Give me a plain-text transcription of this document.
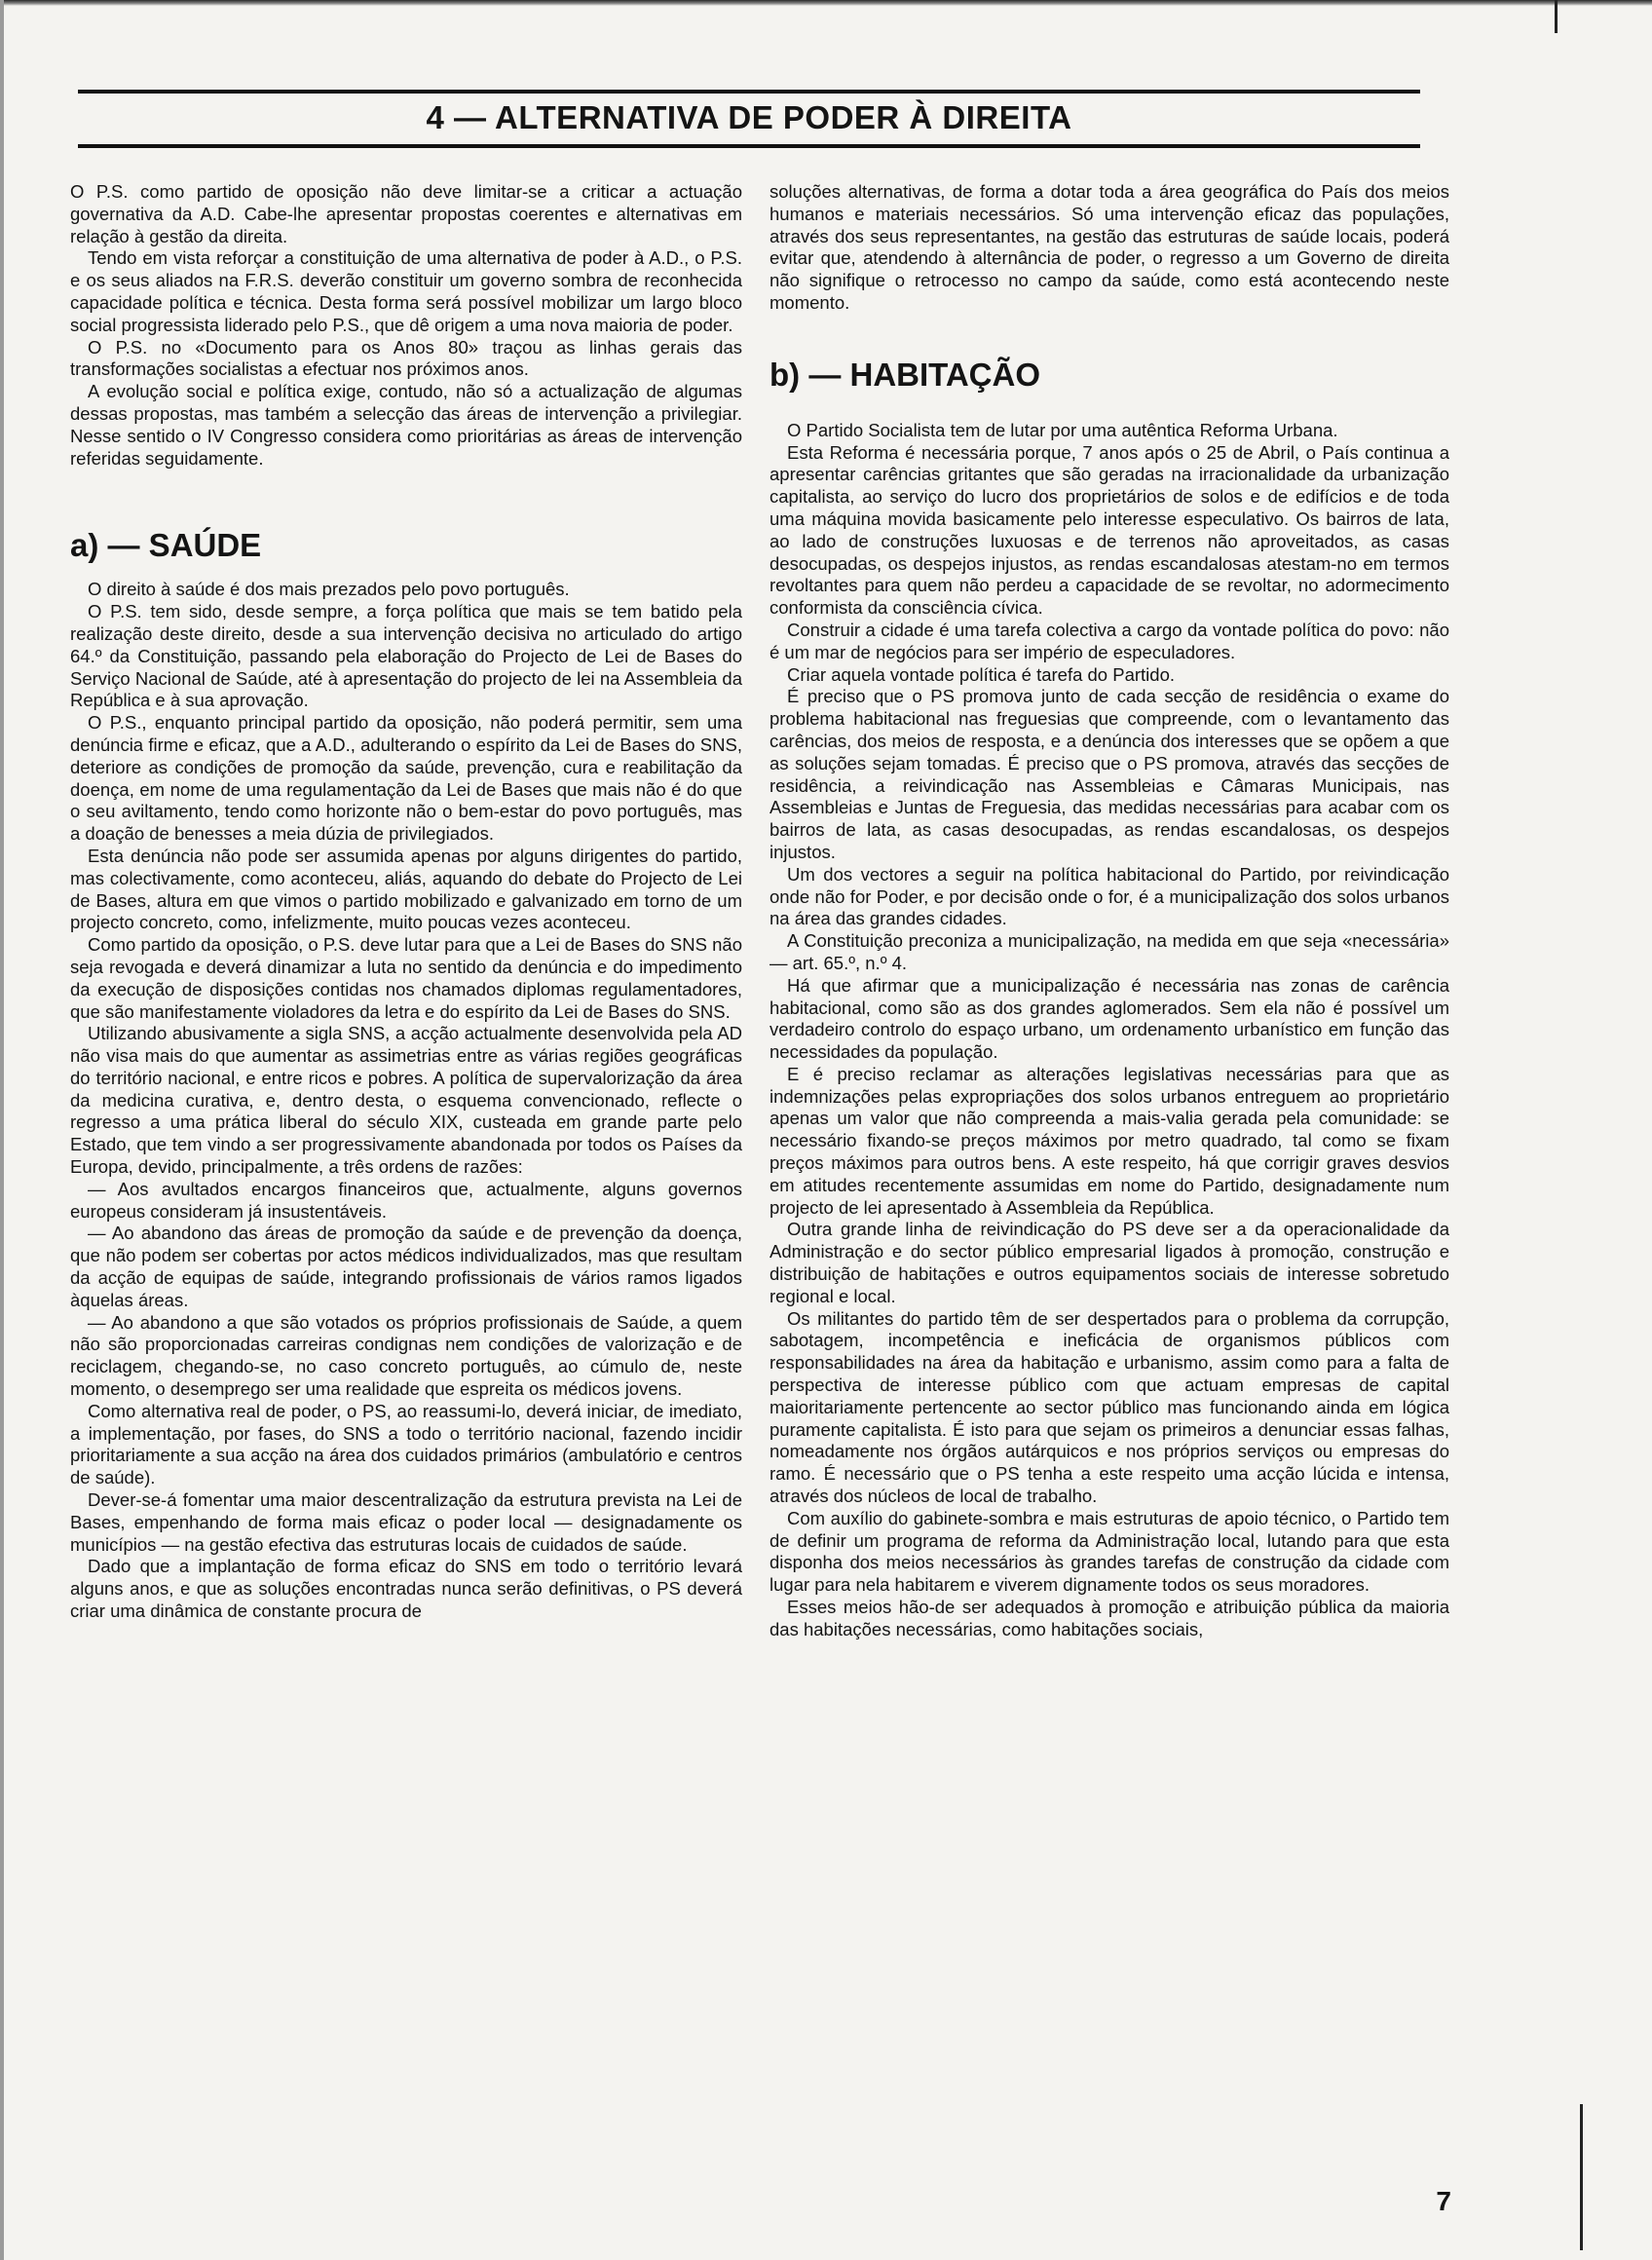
4 — ALTERNATIVA DE PODER À DIREITA

O P.S. como partido de oposição não deve limitar-se a criticar a actuação governativa da A.D. Cabe-lhe apresentar propostas coerentes e alternativas em relação à gestão da direita.

Tendo em vista reforçar a constituição de uma alternativa de poder à A.D., o P.S. e os seus aliados na F.R.S. deverão constituir um governo sombra de reconhecida capacidade política e técnica. Desta forma será possível mobilizar um largo bloco social progressista liderado pelo P.S., que dê origem a uma nova maioria de poder.

O P.S. no «Documento para os Anos 80» traçou as linhas gerais das transformações socialistas a efectuar nos próximos anos.

A evolução social e política exige, contudo, não só a actualização de algumas dessas propostas, mas também a selecção das áreas de intervenção a privilegiar. Nesse sentido o IV Congresso considera como prioritárias as áreas de intervenção referidas seguidamente.

a) — SAÚDE

O direito à saúde é dos mais prezados pelo povo português.

O P.S. tem sido, desde sempre, a força política que mais se tem batido pela realização deste direito, desde a sua intervenção decisiva no articulado do artigo 64.º da Constituição, passando pela elaboração do Projecto de Lei de Bases do Serviço Nacional de Saúde, até à apresentação do projecto de lei na Assembleia da República e à sua aprovação.

O P.S., enquanto principal partido da oposição, não poderá permitir, sem uma denúncia firme e eficaz, que a A.D., adulterando o espírito da Lei de Bases do SNS, deteriore as condições de promoção da saúde, prevenção, cura e reabilitação da doença, em nome de uma regulamentação da Lei de Bases que mais não é do que o seu aviltamento, tendo como horizonte não o bem-estar do povo português, mas a doação de benesses a meia dúzia de privilegiados.

Esta denúncia não pode ser assumida apenas por alguns dirigentes do partido, mas colectivamente, como aconteceu, aliás, aquando do debate do Projecto de Lei de Bases, altura em que vimos o partido mobilizado e galvanizado em torno de um projecto concreto, como, infelizmente, muito poucas vezes aconteceu.

Como partido da oposição, o P.S. deve lutar para que a Lei de Bases do SNS não seja revogada e deverá dinamizar a luta no sentido da denúncia e do impedimento da execução de disposições contidas nos chamados diplomas regulamentadores, que são manifestamente violadores da letra e do espírito da Lei de Bases do SNS.

Utilizando abusivamente a sigla SNS, a acção actualmente desenvolvida pela AD não visa mais do que aumentar as assimetrias entre as várias regiões geográficas do território nacional, e entre ricos e pobres. A política de supervalorização da área da medicina curativa, e, dentro desta, o esquema convencionado, reflecte o regresso a uma prática liberal do século XIX, custeada em grande parte pelo Estado, que tem vindo a ser progressivamente abandonada por todos os Países da Europa, devido, principalmente, a três ordens de razões:

— Aos avultados encargos financeiros que, actualmente, alguns governos europeus consideram já insustentáveis.

— Ao abandono das áreas de promoção da saúde e de prevenção da doença, que não podem ser cobertas por actos médicos individualizados, mas que resultam da acção de equipas de saúde, integrando profissionais de vários ramos ligados àquelas áreas.

— Ao abandono a que são votados os próprios profissionais de Saúde, a quem não são proporcionadas carreiras condignas nem condições de valorização e de reciclagem, chegando-se, no caso concreto português, ao cúmulo de, neste momento, o desemprego ser uma realidade que espreita os médicos jovens.

Como alternativa real de poder, o PS, ao reassumi-lo, deverá iniciar, de imediato, a implementação, por fases, do SNS a todo o território nacional, fazendo incidir prioritariamente a sua acção na área dos cuidados primários (ambulatório e centros de saúde).

Dever-se-á fomentar uma maior descentralização da estrutura prevista na Lei de Bases, empenhando de forma mais eficaz o poder local — designadamente os municípios — na gestão efectiva das estruturas locais de cuidados de saúde.

Dado que a implantação de forma eficaz do SNS em todo o território levará alguns anos, e que as soluções encontradas nunca serão definitivas, o PS deverá criar uma dinâmica de constante procura de

soluções alternativas, de forma a dotar toda a área geográfica do País dos meios humanos e materiais necessários. Só uma intervenção eficaz das populações, através dos seus representantes, na gestão das estruturas de saúde locais, poderá evitar que, atendendo à alternância de poder, o regresso a um Governo de direita não signifique o retrocesso no campo da saúde, como está acontecendo neste momento.

b) — HABITAÇÃO

O Partido Socialista tem de lutar por uma autêntica Reforma Urbana.

Esta Reforma é necessária porque, 7 anos após o 25 de Abril, o País continua a apresentar carências gritantes que são geradas na irracionalidade da urbanização capitalista, ao serviço do lucro dos proprietários de solos e de edifícios e de toda uma máquina movida basicamente pelo interesse especulativo. Os bairros de lata, ao lado de construções luxuosas e de terrenos não aproveitados, as casas desocupadas, os despejos injustos, as rendas escandalosas atestam-no em termos revoltantes para quem não perdeu a capacidade de se revoltar, no adormecimento conformista da consciência cívica.

Construir a cidade é uma tarefa colectiva a cargo da vontade política do povo: não é um mar de negócios para ser império de especuladores.

Criar aquela vontade política é tarefa do Partido.

É preciso que o PS promova junto de cada secção de residência o exame do problema habitacional nas freguesias que compreende, com o levantamento das carências, dos meios de resposta, e a denúncia dos interesses que se opõem a que as soluções sejam tomadas. É preciso que o PS promova, através das secções de residência, a reivindicação nas Assembleias e Câmaras Municipais, nas Assembleias e Juntas de Freguesia, das medidas necessárias para acabar com os bairros de lata, as casas desocupadas, as rendas escandalosas, os despejos injustos.

Um dos vectores a seguir na política habitacional do Partido, por reivindicação onde não for Poder, e por decisão onde o for, é a municipalização dos solos urbanos na área das grandes cidades.

A Constituição preconiza a municipalização, na medida em que seja «necessária» — art. 65.º, n.º 4.

Há que afirmar que a municipalização é necessária nas zonas de carência habitacional, como são as dos grandes aglomerados. Sem ela não é possível um verdadeiro controlo do espaço urbano, um ordenamento urbanístico em função das necessidades da população.

E é preciso reclamar as alterações legislativas necessárias para que as indemnizações pelas expropriações dos solos urbanos entreguem ao proprietário apenas um valor que não compreenda a mais-valia gerada pela comunidade: se necessário fixando-se preços máximos por metro quadrado, tal como se fixam preços máximos para outros bens. A este respeito, há que corrigir graves desvios em atitudes recentemente assumidas em nome do Partido, designadamente num projecto de lei apresentado à Assembleia da República.

Outra grande linha de reivindicação do PS deve ser a da operacionalidade da Administração e do sector público empresarial ligados à promoção, construção e distribuição de habitações e outros equipamentos sociais de interesse sobretudo regional e local.

Os militantes do partido têm de ser despertados para o problema da corrupção, sabotagem, incompetência e ineficácia de organismos públicos com responsabilidades na área da habitação e urbanismo, assim como para a falta de perspectiva de interesse público com que actuam empresas de capital maioritariamente pertencente ao sector público mas funcionando ainda em lógica puramente capitalista. É isto para que sejam os primeiros a denunciar essas falhas, nomeadamente nos órgãos autárquicos e nos próprios serviços ou empresas do ramo. É necessário que o PS tenha a este respeito uma acção lúcida e intensa, através dos núcleos de local de trabalho.

Com auxílio do gabinete-sombra e mais estruturas de apoio técnico, o Partido tem de definir um programa de reforma da Administração local, lutando para que esta disponha dos meios necessários às grandes tarefas de construção da cidade com lugar para nela habitarem e viverem dignamente todos os seus moradores.

Esses meios hão-de ser adequados à promoção e atribuição pública da maioria das habitações necessárias, como habitações sociais,

7
